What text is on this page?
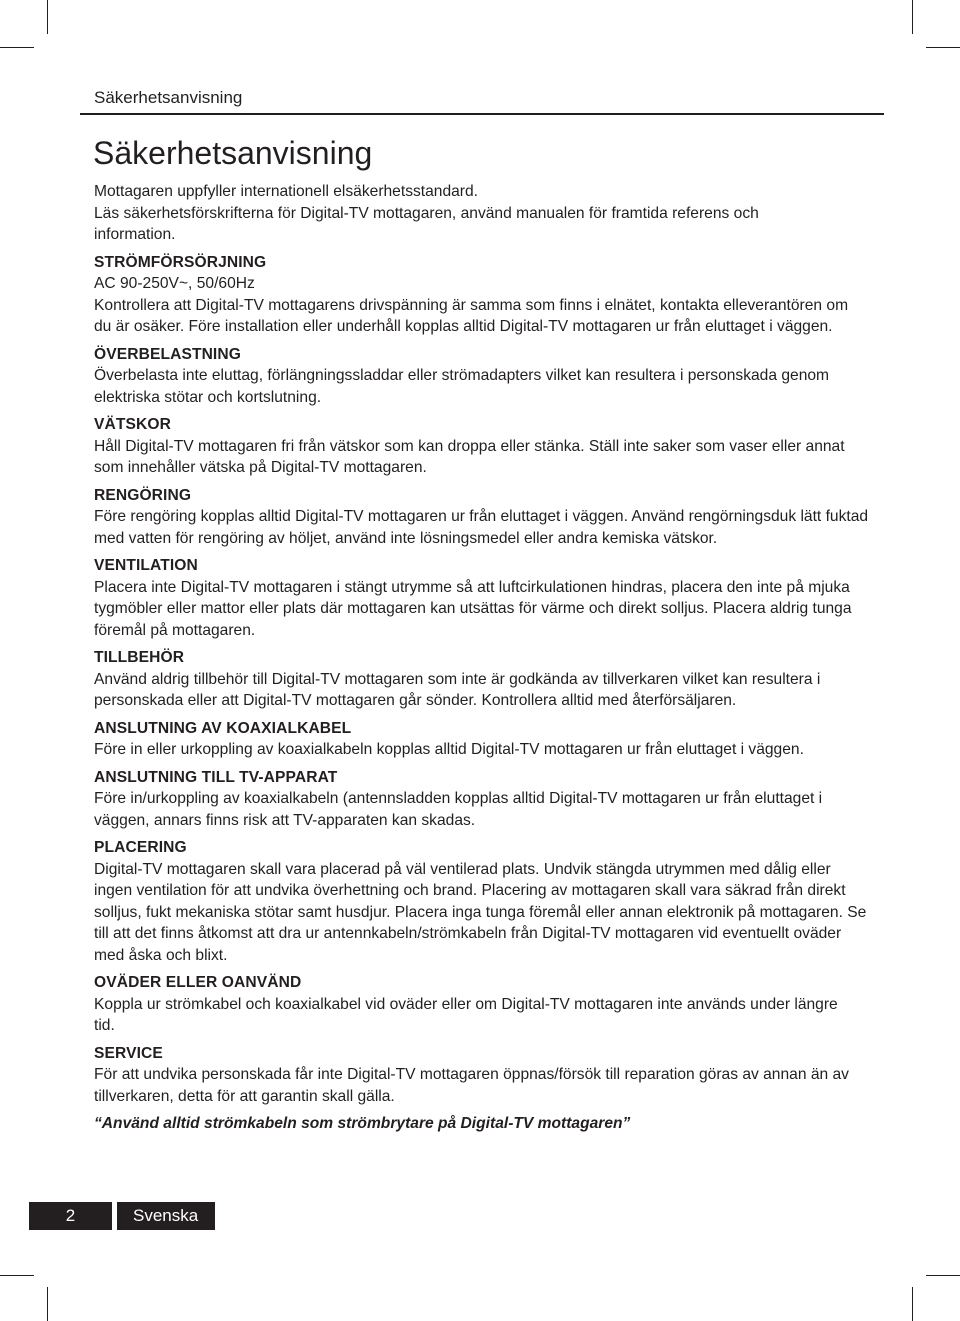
Säkerhetsanvisning
Säkerhetsanvisning
Mottagaren uppfyller internationell elsäkerhetsstandard.
Läs säkerhetsförskrifterna för Digital-TV mottagaren, använd manualen för framtida referens och information.
STRÖMFÖRSÖRJNING

AC 90-250V~, 50/60Hz

Kontrollera att Digital-TV mottagarens drivspänning är samma som finns i elnätet, kontakta elleverantören om du är osäker. Före installation eller underhåll kopplas alltid Digital-TV mottagaren ur från eluttaget i väggen.

ÖVERBELASTNING

Överbelasta inte eluttag, förlängningssladdar eller strömadapters vilket kan resultera i personskada genom elektriska stötar och kortslutning.

VÄTSKOR

Håll Digital-TV mottagaren fri från vätskor som kan droppa eller stänka. Ställ inte saker som vaser eller annat som innehåller vätska på Digital-TV mottagaren.

RENGÖRING

Före rengöring kopplas alltid Digital-TV mottagaren ur från eluttaget i väggen. Använd rengörningsduk lätt fuktad med vatten för rengöring av höljet, använd inte lösningsmedel eller andra kemiska vätskor.

VENTILATION

Placera inte Digital-TV mottagaren i stängt utrymme så att luftcirkulationen hindras, placera den inte på mjuka tygmöbler eller mattor eller plats där mottagaren kan utsättas för värme och direkt solljus. Placera aldrig tunga föremål på mottagaren.

TILLBEHÖR

Använd aldrig tillbehör till Digital-TV mottagaren som inte är godkända av tillverkaren vilket kan resultera i personskada eller att Digital-TV mottagaren går sönder. Kontrollera alltid med återförsäljaren.

ANSLUTNING AV KOAXIALKABEL

Före in eller urkoppling av koaxialkabeln kopplas alltid Digital-TV mottagaren ur från eluttaget i väggen.

ANSLUTNING TILL TV-APPARAT

Före in/urkoppling av koaxialkabeln (antennsladden kopplas alltid Digital-TV mottagaren ur från eluttaget i väggen, annars finns risk att TV-apparaten kan skadas.

PLACERING

Digital-TV mottagaren skall vara placerad på väl ventilerad plats. Undvik stängda utrymmen med dålig eller ingen ventilation för att undvika överhettning och brand. Placering av mottagaren skall vara säkrad från direkt solljus, fukt mekaniska stötar samt husdjur. Placera inga tunga föremål eller annan elektronik på mottagaren. Se till att det finns åtkomst att dra ur antennkabeln/strömkabeln från Digital-TV mottagaren vid eventuellt oväder med åska och blixt.

OVÄDER ELLER OANVÄND

Koppla ur strömkabel och koaxialkabel vid oväder eller om Digital-TV mottagaren inte används under längre tid.

SERVICE

För att undvika personskada får inte Digital-TV mottagaren öppnas/försök till reparation göras av annan än av tillverkaren, detta för att garantin skall gälla.

“Använd alltid strömkabeln som strömbrytare på Digital-TV mottagaren”

2	Svenska
